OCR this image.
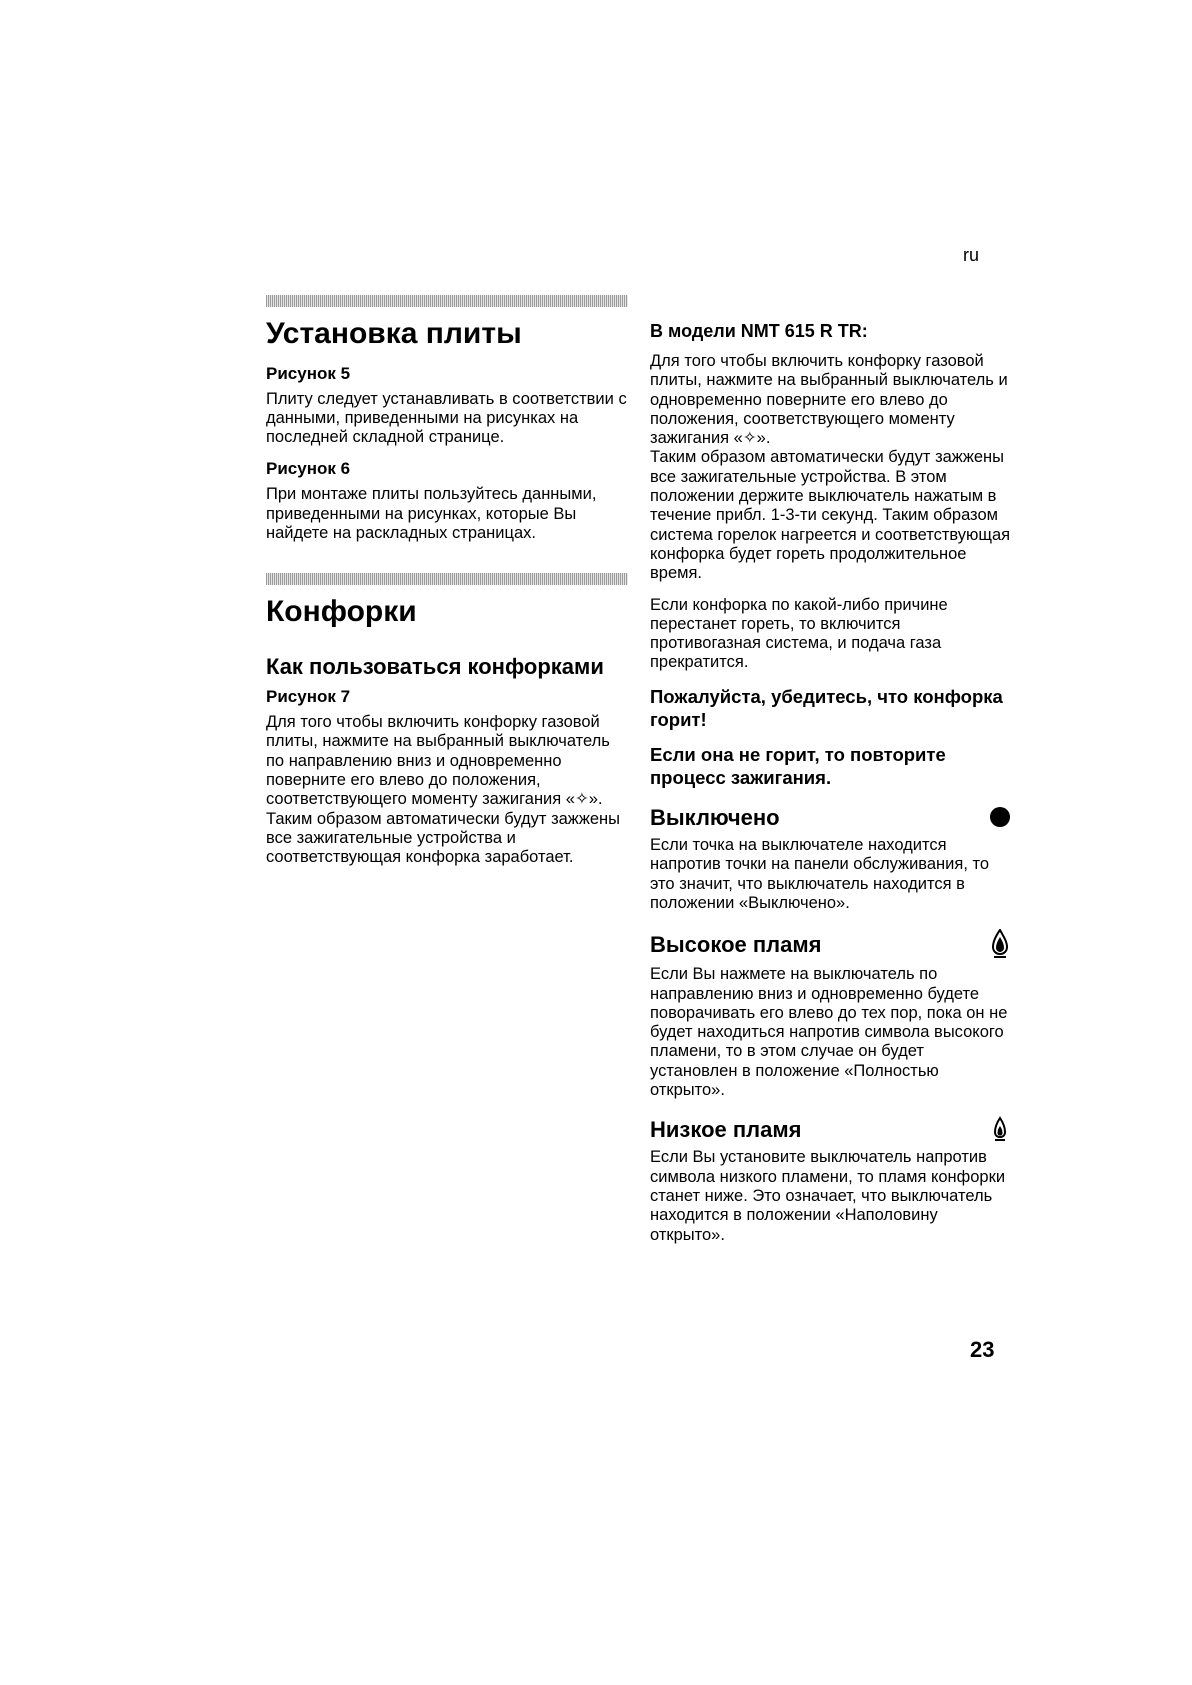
ru
Установка плиты
Рисунок 5
Плиту следует устанавливать в соответствии с данными, приведенными на рисунках на последней складной странице.
Рисунок 6
При монтаже плиты пользуйтесь данными, приведенными на рисунках, которые Вы найдете на раскладных страницах.
Конфорки
Как пользоваться конфорками
Рисунок 7
Для того чтобы включить конфорку газовой плиты, нажмите на выбранный выключатель по направлению вниз и одновременно поверните его влево до положения, соответствующего моменту зажигания «✧».
Таким образом автоматически будут зажжены все зажигательные устройства и соответствующая конфорка заработает.
В модели NMT 615 R TR:
Для того чтобы включить конфорку газовой плиты, нажмите на выбранный выключатель и одновременно поверните его влево до положения, соответствующего моменту зажигания «✧».
Таким образом автоматически будут зажжены все зажигательные устройства. В этом положении держите выключатель нажатым в течение прибл. 1-3-ти секунд. Таким образом система горелок нагреется и соответствующая конфорка будет гореть продолжительное время.
Если конфорка по какой-либо причине перестанет гореть, то включится противогазная система, и подача газа прекратится.
Пожалуйста, убедитесь, что конфорка горит!
Если она не горит, то повторите процесс зажигания.
Выключено
Если точка на выключателе находится напротив точки на панели обслуживания, то это значит, что выключатель находится в положении «Выключено».
Высокое пламя
Если Вы нажмете на выключатель по направлению вниз и одновременно будете поворачивать его влево до тех пор, пока он не будет находиться напротив символа высокого пламени, то в этом случае он будет установлен в положение «Полностью открыто».
Низкое пламя
Если Вы установите выключатель напротив символа низкого пламени, то пламя конфорки станет ниже. Это означает, что выключатель находится в положении «Наполовину открыто».
23
